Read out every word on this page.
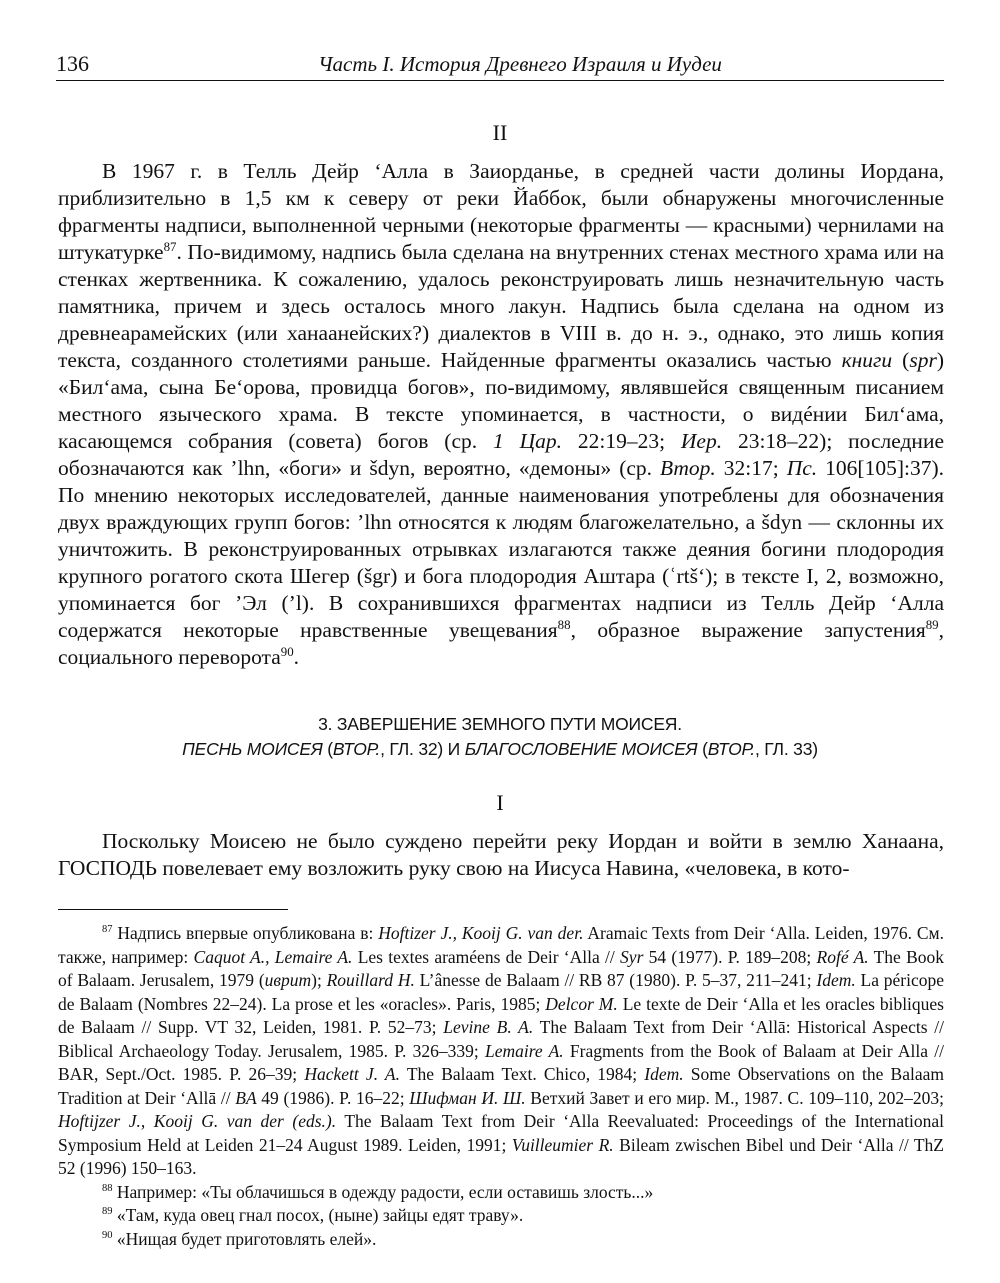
136	Часть I. История Древнего Израиля и Иудеи
II

В 1967 г. в Телль Дейр ‘Алла в Заиорданье, в средней части долины Иордана, приблизительно в 1,5 км к северу от реки Йаббок, были обнаружены многочисленные фрагменты надписи, выполненной черными (некоторые фрагменты — красными) чернилами на штукатурке$^{87}$. По-видимому, надпись была сделана на внутренних стенах местного храма или на стенках жертвенника. К сожалению, удалось реконструировать лишь незначительную часть памятника, причем и здесь осталось много лакун. Надпись была сделана на одном из древнеарамейских (или ханаанейских?) диалектов в VIII в. до н. э., однако, это лишь копия текста, созданного столетиями раньше. Найденные фрагменты оказались частью книги (spr) «Бил‘ама, сына Бе‘орова, провидца богов», по-видимому, являвшейся священным писанием местного языческого храма. В тексте упоминается, в частности, о видéнии Бил‘ама, касающемся собрания (совета) богов (ср. 1 Цар. 22:19–23; Иер. 23:18–22); последние обозначаются как ’lhn, «боги» и šdyn, вероятно, «демоны» (ср. Втор. 32:17; Пс. 106[105]:37). По мнению некоторых исследователей, данные наименования употреблены для обозначения двух враждующих групп богов: ’lhn относятся к людям благожелательно, а šdyn — склонны их уничтожить. В реконструированных отрывках излагаются также деяния богини плодородия крупного рогатого скота Шегер (šgr) и бога плодородия Аштара (ʿrtš‘); в тексте I, 2, возможно, упоминается бог ’Эл (’l). В сохранившихся фрагментах надписи из Телль Дейр ‘Алла содержатся некоторые нравственные увещевания$^{88}$, образное выражение запустения$^{89}$, социального переворота$^{90}$.

3. ЗАВЕРШЕНИЕ ЗЕМНОГО ПУТИ МОИСЕЯ.
ПЕСНЬ МОИСЕЯ (ВТОР., ГЛ. 32) И БЛАГОСЛОВЕНИЕ МОИСЕЯ (ВТОР., ГЛ. 33)
I

Поскольку Моисею не было суждено перейти реку Иордан и войти в землю Ханаана, ГОСПОДЬ повелевает ему возложить руку свою на Иисуса Навина, «человека, в кото-

$^{87}$ Надпись впервые опубликована в: Hoftizer J., Kooij G. van der. Aramaic Texts from Deir ‘Alla. Leiden, 1976. См. также, например: Caquot A., Lemaire A. Les textes araméens de Deir ‘Alla // Syr 54 (1977). P. 189–208; Rofé A. The Book of Balaam. Jerusalem, 1979 (иврит); Rouillard H. L’ânesse de Balaam // RB 87 (1980). P. 5–37, 211–241; Idem. La péricope de Balaam (Nombres 22–24). La prose et les «oracles». Paris, 1985; Delcor M. Le texte de Deir ‘Alla et les oracles bibliques de Balaam // Supp. VT 32, Leiden, 1981. P. 52–73; Levine B. A. The Balaam Text from Deir ‘Allā: Historical Aspects // Biblical Archaeology Today. Jerusalem, 1985. P. 326–339; Lemaire A. Fragments from the Book of Balaam at Deir Alla // BAR, Sept./Oct. 1985. P. 26–39; Hackett J. A. The Balaam Text. Chico, 1984; Idem. Some Observations on the Balaam Tradition at Deir ‘Allā // BA 49 (1986). P. 16–22; Шифман И. Ш. Ветхий Завет и его мир. М., 1987. С. 109–110, 202–203; Hoftijzer J., Kooij G. van der (eds.). The Balaam Text from Deir ‘Alla Reevaluated: Proceedings of the International Symposium Held at Leiden 21–24 August 1989. Leiden, 1991; Vuilleumier R. Bileam zwischen Bibel und Deir ‘Alla // ThZ 52 (1996) 150–163.

$^{88}$ Например: «Ты облачишься в одежду радости, если оставишь злость...»

$^{89}$ «Там, куда овец гнал посох, (ныне) зайцы едят траву».

$^{90}$ «Нищая будет приготовлять елей».
